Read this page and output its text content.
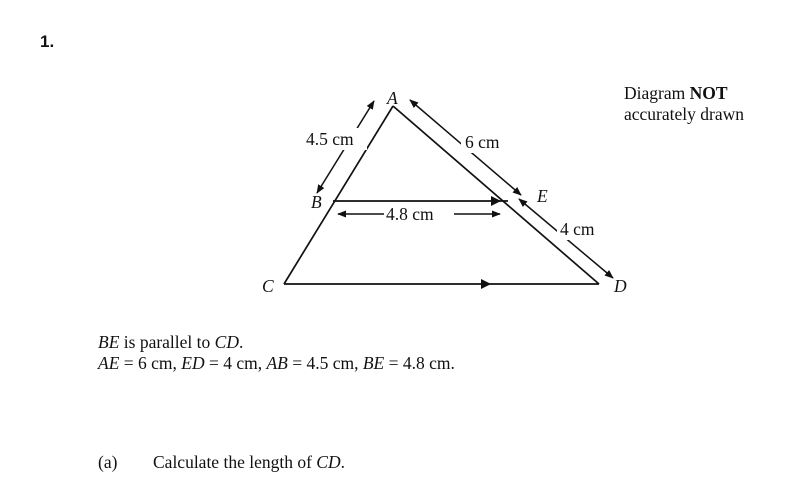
1.
Diagram NOT
accurately drawn
A
B
C	D
E
4.5 cm	6 cm
4 cm
4.8 cm
BE is parallel to CD.
AE = 6 cm, ED = 4 cm, AB = 4.5 cm, BE = 4.8 cm.
(a) Calculate the length of CD.
